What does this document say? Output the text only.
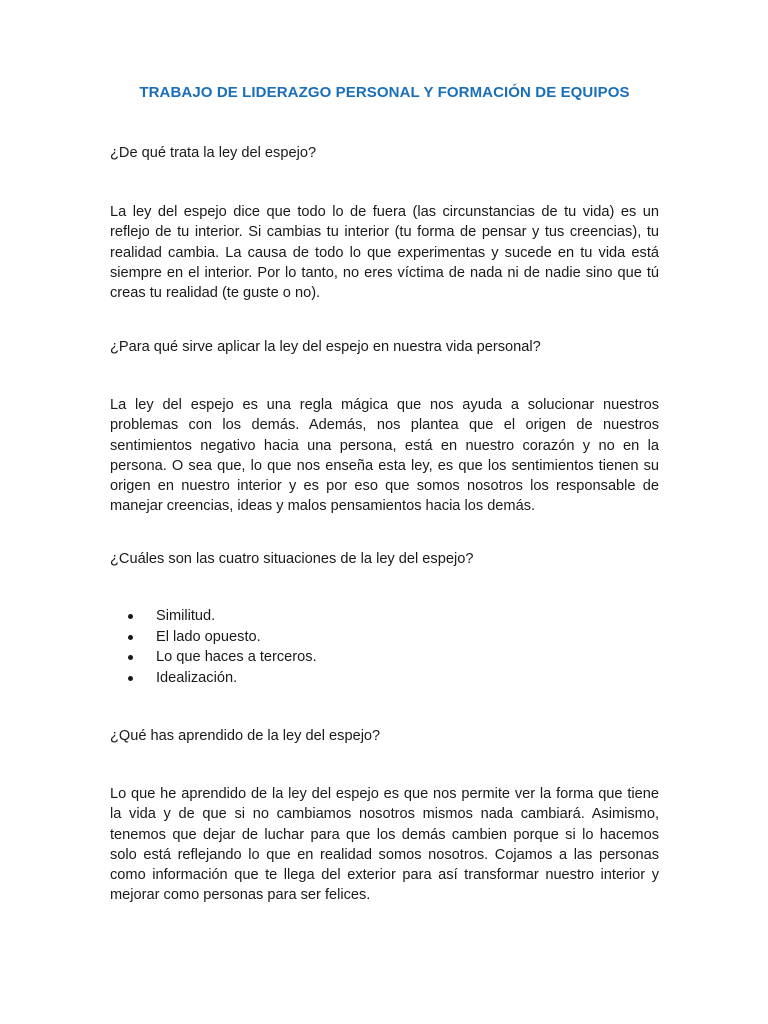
TRABAJO DE LIDERAZGO PERSONAL Y FORMACIÓN DE EQUIPOS

¿De qué trata la ley del espejo?

La ley del espejo dice que todo lo de fuera (las circunstancias de tu vida) es un reflejo de tu interior. Si cambias tu interior (tu forma de pensar y tus creencias), tu realidad cambia. La causa de todo lo que experimentas y sucede en tu vida está siempre en el interior. Por lo tanto, no eres víctima de nada ni de nadie sino que tú creas tu realidad (te guste o no).

¿Para qué sirve aplicar la ley del espejo en nuestra vida personal?

La ley del espejo es una regla mágica que nos ayuda a solucionar nuestros problemas con los demás. Además, nos plantea que el origen de nuestros sentimientos negativo hacia una persona, está en nuestro corazón y no en la persona. O sea que, lo que nos enseña esta ley, es que los sentimientos tienen su origen en nuestro interior y es por eso que somos nosotros los responsable de manejar creencias, ideas y malos pensamientos hacia los demás.

¿Cuáles son las cuatro situaciones de la ley del espejo?

Similitud.
El lado opuesto.
Lo que haces a terceros.
Idealización.

¿Qué has aprendido de la ley del espejo?

Lo que he aprendido de la ley del espejo es que nos permite ver la forma que tiene la vida y de que si no cambiamos nosotros mismos nada cambiará. Asimismo, tenemos que dejar de luchar para que los demás cambien porque si lo hacemos solo está reflejando lo que en realidad somos nosotros. Cojamos a las personas como información que te llega del exterior para así transformar nuestro interior y mejorar como personas para ser felices.
